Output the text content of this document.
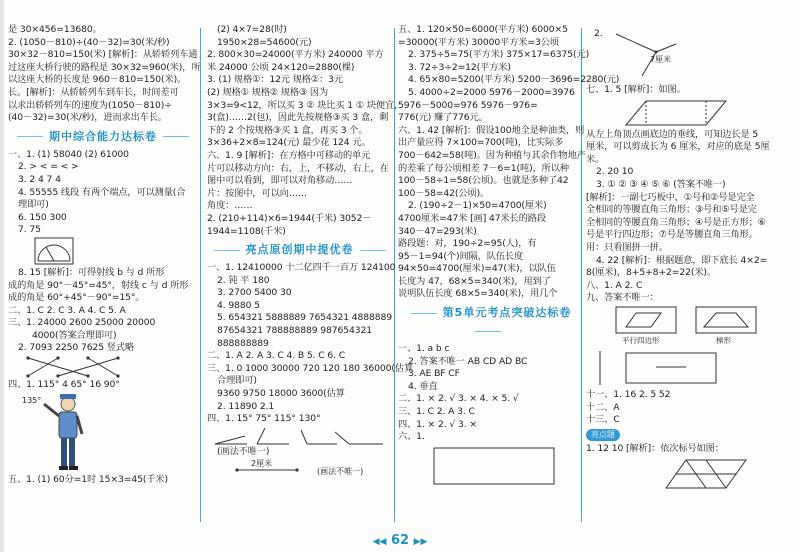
是 30×456=13680。
2. (1050－810)÷(40－32)=30(米/秒)
30×32－810=150(米) [解析]：从轿轿列车通
过这座大桥行驶的路程是 30×32=960(米)，所
以这座大桥的长度是 960－810=150(米)。
长。[解析]：从轿轿列车到车长，时间差可
以求出轿轿列车的速度为(1050－810)÷
(40－32)=30(米/秒)，进而求出车长。
期中综合能力达标卷
一、1. (1) 58040 (2) 61000
2. > < = < >
3. 2 4 7 4
4. 55555 线段 有两个端点，可以测量(合
理即可)
6. 150 300
7. 75
8. 15 [解析]：可得射线 b 与 d 所形
成的角是 90°－45°=45°，射线 c 与 d 所形
成的角是 60°+45°－90°=15°。
二、1. C 2. C 3. A 4. C 5. A
三、1. 24000 2600 25000 20000
4000(答案合理即可)
2. 7093 2250 7625 竖式略
四、1. 115° 4 65° 16 90°
135°
五、1. (1) 60分=1时 15×3=45(千米)
(2) 4×7=28(时)
1950×28=54600(元)
2. 800×30=24000(平方米) 240000 平方
米 24000 公顷 24×120=2880(棵)
3. (1) 规格①：12元 规格②：3元
(2) 规格① 规格② 规格③ 因为
3×3=9<12，所以买 3 ② 块比买 1 ① 块便宜，
3(盒)……2(包)，因此先按规格③买 3 盒，剩
下的 2 个按规格③买 1 盒，再买 3 个。
3×36+2×8=124(元) 最少花 124 元。
六、1. 9 [解析]：在方格中可移动的单元
片可以移动方向：右，上，不移动，右上，在
图中可以看到，即可以对角移动……
片：按图中，可以向……
角度：……
2. (210+114)×6=1944(千米) 3052－
1944=1108(千米)
亮点原创期中提优卷
一、1. 12410000 十二亿四千一百万 124100
2. 钝 平 180
3. 2700 5400 30
4. 9880 5
5. 654321 5888889 7654321 4888889
87654321 788888889 987654321
888888889
二、1. A 2. A 3. C 4. B 5. C 6. C
三、1. 0 1000 30000 720 120 180 36000(估算
合理即可)
9360 9750 18000 3600(估算
2. 11890 2.1
四、1. 15° 75° 115° 130°
(画法不唯一)
2厘米
(画法不唯一)
五、1. 120×50=6000(平方米) 6000×5
=30000(平方米) 30000平方米=3公顷
2. 375÷5=75(平方米) 375×17=6375(元)
3. 72÷3÷2=12(平方米)
4. 65×80=5200(平方米) 5200－3696=2280(元)
5. 4000÷2=2000 5976－2000=3976
5976－5000=976 5976－976=
776(元) 赚了776元。
六、1. 42 [解析]：假设100地全是种油类，则
出产量应得 7×100=700(吨)，比实际多
700－642=58(吨)。因为种植与其余作物地产
的差乘了每公顷相差 7－6=1(吨)，所以种
100－58÷1=58(公顷)。也就是多种了42
100－58=42(公顷)。
2. (190÷2－1)×50=4700(厘米)
4700厘米=47米 [画] 47米长的路段
340－47=293(米)
路段题：对，190÷2=95(人)，有
95－1=94(个)间隔，队伍长度
94×50=4700(厘米)=47(米)，以队伍
长度为 47，68×5=340(米)，用到了
说明队伍长度 68×5=340(米)，用几个
第5单元考点突破达标卷
一、1. a b c
2. 答案不唯一 AB CD AD BC
3. AE BF CF
4. 垂直
二、1. × 2. √ 3. × 4. × 5. √
三、1. C 2. A 3. C
四、1. × 2. √ 3. ×
六、1.
2.
7厘米
七、1. 5 [解析]：如图。
从左上角顶点画底边的垂线，可知边长是 5
厘米，可以剪成长为 6 厘米，对应的底是 5厘
米。
2. 20 10
3. ① ② ③ ④ ⑤ ⑥ (答案不唯一)
[解析]：一副七巧板中，①号和②号是完全
全相同的等腰直角三角形；③号和⑤号是完
全相同的等腰直角三角形；④号是正方形；⑥
号是平行四边形；⑦号是等腰直角三角形。
用：只看图拼一拼。
4. 22 [解析]：根据题意，即下底长 4×2=
8(厘米)，8+5+8+2=22(米)。
八、1. A 2. C
九、答案不唯一：
平行四边形	梯形
十一、1. 16 2. 5 52
十二、A
十三、C
亮点题
1. 12 10 [解析]：依次标号如图：
◀◀ 62 ▶▶
